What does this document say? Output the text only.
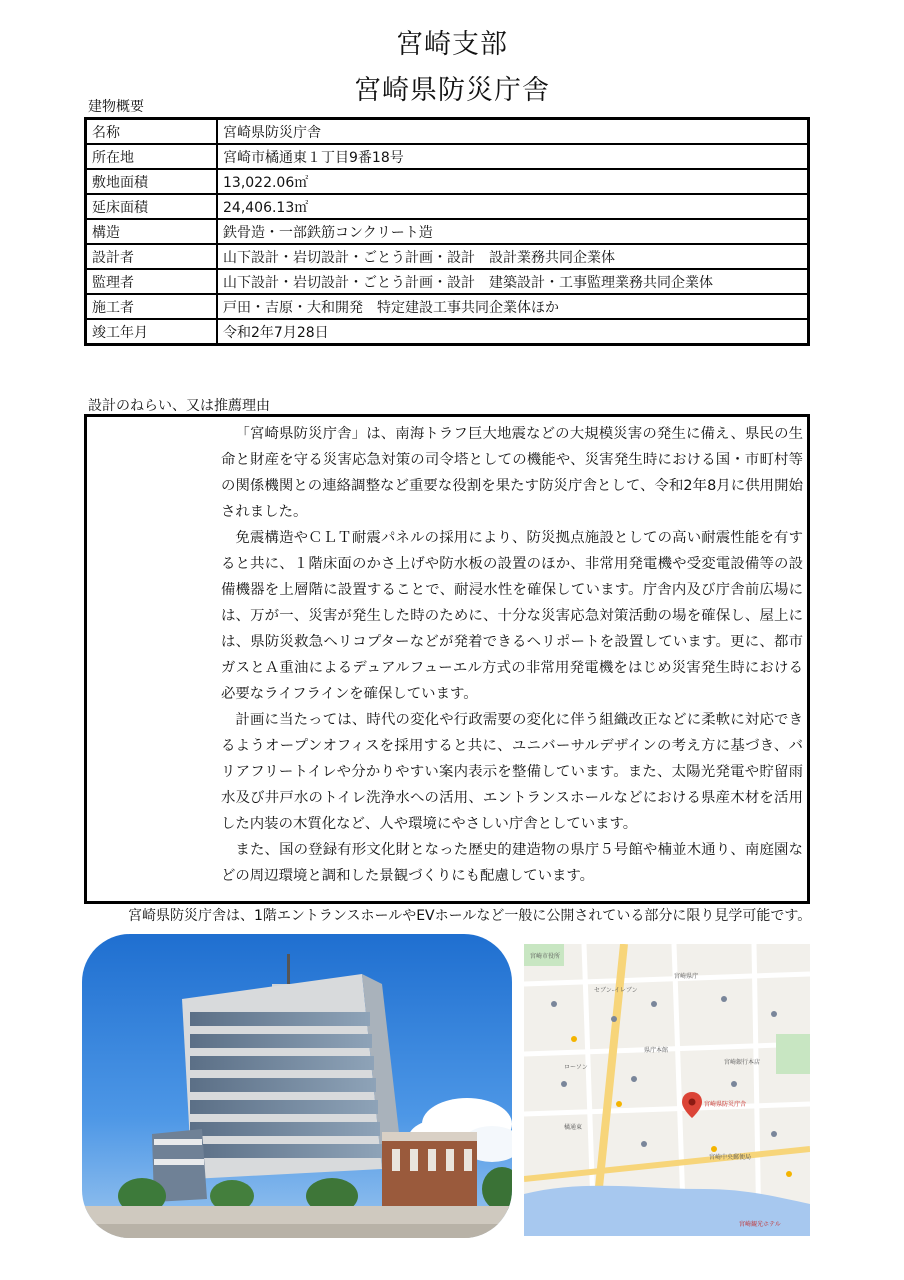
宮崎支部
宮崎県防災庁舎
建物概要
名称	宮崎県防災庁舎
所在地	宮崎市橘通東１丁目9番18号
敷地面積	13,022.06㎡
延床面積	24,406.13㎡
構造	鉄骨造・一部鉄筋コンクリート造
設計者	山下設計・岩切設計・ごとう計画・設計　設計業務共同企業体
監理者	山下設計・岩切設計・ごとう計画・設計　建築設計・工事監理業務共同企業体
施工者	戸田・吉原・大和開発　特定建設工事共同企業体ほか
竣工年月	令和2年7月28日
設計のねらい、又は推薦理由

「宮崎県防災庁舎」は、南海トラフ巨大地震などの大規模災害の発生に備え、県民の生命と財産を守る災害応急対策の司令塔としての機能や、災害発生時における国・市町村等の関係機関との連絡調整など重要な役割を果たす防災庁舎として、令和2年8月に供用開始されました。

免震構造やＣＬＴ耐震パネルの採用により、防災拠点施設としての高い耐震性能を有すると共に、１階床面のかさ上げや防水板の設置のほか、非常用発電機や受変電設備等の設備機器を上層階に設置することで、耐浸水性を確保しています。庁舎内及び庁舎前広場には、万が一、災害が発生した時のために、十分な災害応急対策活動の場を確保し、屋上には、県防災救急ヘリコプターなどが発着できるヘリポートを設置しています。更に、都市ガスとＡ重油によるデュアルフューエル方式の非常用発電機をはじめ災害発生時における必要なライフラインを確保しています。

計画に当たっては、時代の変化や行政需要の変化に伴う組織改正などに柔軟に対応できるようオープンオフィスを採用すると共に、ユニバーサルデザインの考え方に基づき、バリアフリートイレや分かりやすい案内表示を整備しています。また、太陽光発電や貯留雨水及び井戸水のトイレ洗浄水への活用、エントランスホールなどにおける県産木材を活用した内装の木質化など、人や環境にやさしい庁舎としています。

また、国の登録有形文化財となった歴史的建造物の県庁５号館や楠並木通り、南庭園などの周辺環境と調和した景観づくりにも配慮しています。

宮崎県防災庁舎は、1階エントランスホールやEVホールなど一般に公開されている部分に限り見学可能です。
宮崎市役所
宮崎県庁
県庁本館
橘通東
宮崎県防災庁舎
宮崎銀行本店
宮崎観光ホテル
セブン-イレブン
ローソン
宮崎中央郵便局
